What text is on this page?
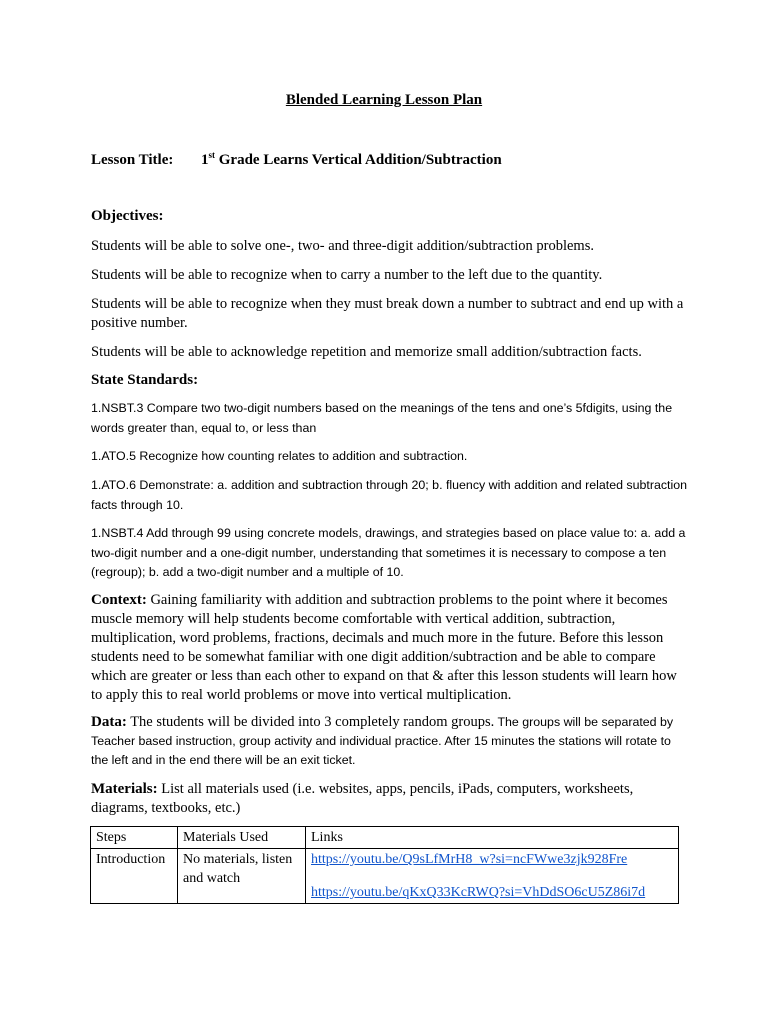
Blended Learning Lesson Plan
Lesson Title: 1st Grade Learns Vertical Addition/Subtraction
Objectives:
Students will be able to solve one-, two- and three-digit addition/subtraction problems.
Students will be able to recognize when to carry a number to the left due to the quantity.
Students will be able to recognize when they must break down a number to subtract and end up with a positive number.
Students will be able to acknowledge repetition and memorize small addition/subtraction facts.
State Standards:
1.NSBT.3 Compare two two-digit numbers based on the meanings of the tens and one’s 5fdigits, using the words greater than, equal to, or less than
1.ATO.5 Recognize how counting relates to addition and subtraction.
1.ATO.6 Demonstrate: a. addition and subtraction through 20; b. fluency with addition and related subtraction facts through 10.
1.NSBT.4 Add through 99 using concrete models, drawings, and strategies based on place value to: a. add a two-digit number and a one-digit number, understanding that sometimes it is necessary to compose a ten (regroup); b. add a two-digit number and a multiple of 10.
Context: Gaining familiarity with addition and subtraction problems to the point where it becomes muscle memory will help students become comfortable with vertical addition, subtraction, multiplication, word problems, fractions, decimals and much more in the future. Before this lesson students need to be somewhat familiar with one digit addition/subtraction and be able to compare which are greater or less than each other to expand on that & after this lesson students will learn how to apply this to real world problems or move into vertical multiplication.
Data: The students will be divided into 3 completely random groups. The groups will be separated by Teacher based instruction, group activity and individual practice. After 15 minutes the stations will rotate to the left and in the end there will be an exit ticket.
Materials: List all materials used (i.e. websites, apps, pencils, iPads, computers, worksheets, diagrams, textbooks, etc.)
Steps	Materials Used	Links
Introduction	No materials, listen and watch	https://youtu.be/Q9sLfMrH8_w?si=ncFWwe3zjk928Fre
https://youtu.be/qKxQ33KcRWQ?si=VhDdSO6cU5Z86i7d
